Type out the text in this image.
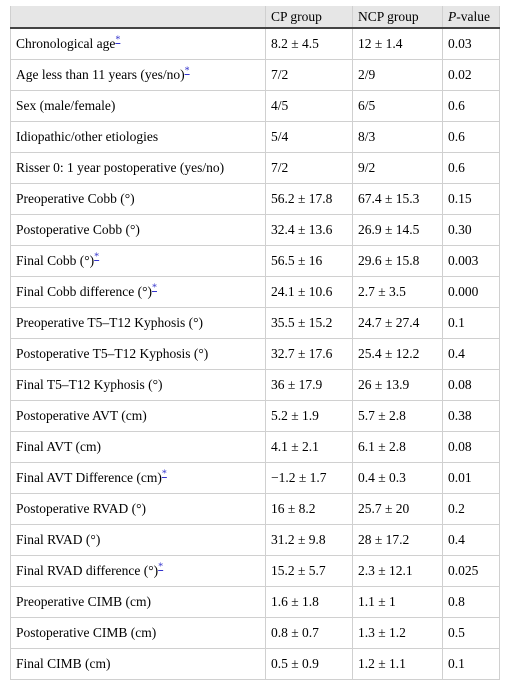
	CP group	NCP group	P-value
Chronological age*	8.2 ± 4.5	12 ± 1.4	0.03
Age less than 11 years (yes/no)*	7/2	2/9	0.02
Sex (male/female)	4/5	6/5	0.6
Idiopathic/other etiologies	5/4	8/3	0.6
Risser 0: 1 year postoperative (yes/no)	7/2	9/2	0.6
Preoperative Cobb (°)	56.2 ± 17.8	67.4 ± 15.3	0.15
Postoperative Cobb (°)	32.4 ± 13.6	26.9 ± 14.5	0.30
Final Cobb (°)*	56.5 ± 16	29.6 ± 15.8	0.003
Final Cobb difference (°)*	24.1 ± 10.6	2.7 ± 3.5	0.000
Preoperative T5–T12 Kyphosis (°)	35.5 ± 15.2	24.7 ± 27.4	0.1
Postoperative T5–T12 Kyphosis (°)	32.7 ± 17.6	25.4 ± 12.2	0.4
Final T5–T12 Kyphosis (°)	36 ± 17.9	26 ± 13.9	0.08
Postoperative AVT (cm)	5.2 ± 1.9	5.7 ± 2.8	0.38
Final AVT (cm)	4.1 ± 2.1	6.1 ± 2.8	0.08
Final AVT Difference (cm)*	−1.2 ± 1.7	0.4 ± 0.3	0.01
Postoperative RVAD (°)	16 ± 8.2	25.7 ± 20	0.2
Final RVAD (°)	31.2 ± 9.8	28 ± 17.2	0.4
Final RVAD difference (°)*	15.2 ± 5.7	2.3 ± 12.1	0.025
Preoperative CIMB (cm)	1.6 ± 1.8	1.1 ± 1	0.8
Postoperative CIMB (cm)	0.8 ± 0.7	1.3 ± 1.2	0.5
Final CIMB (cm)	0.5 ± 0.9	1.2 ± 1.1	0.1
